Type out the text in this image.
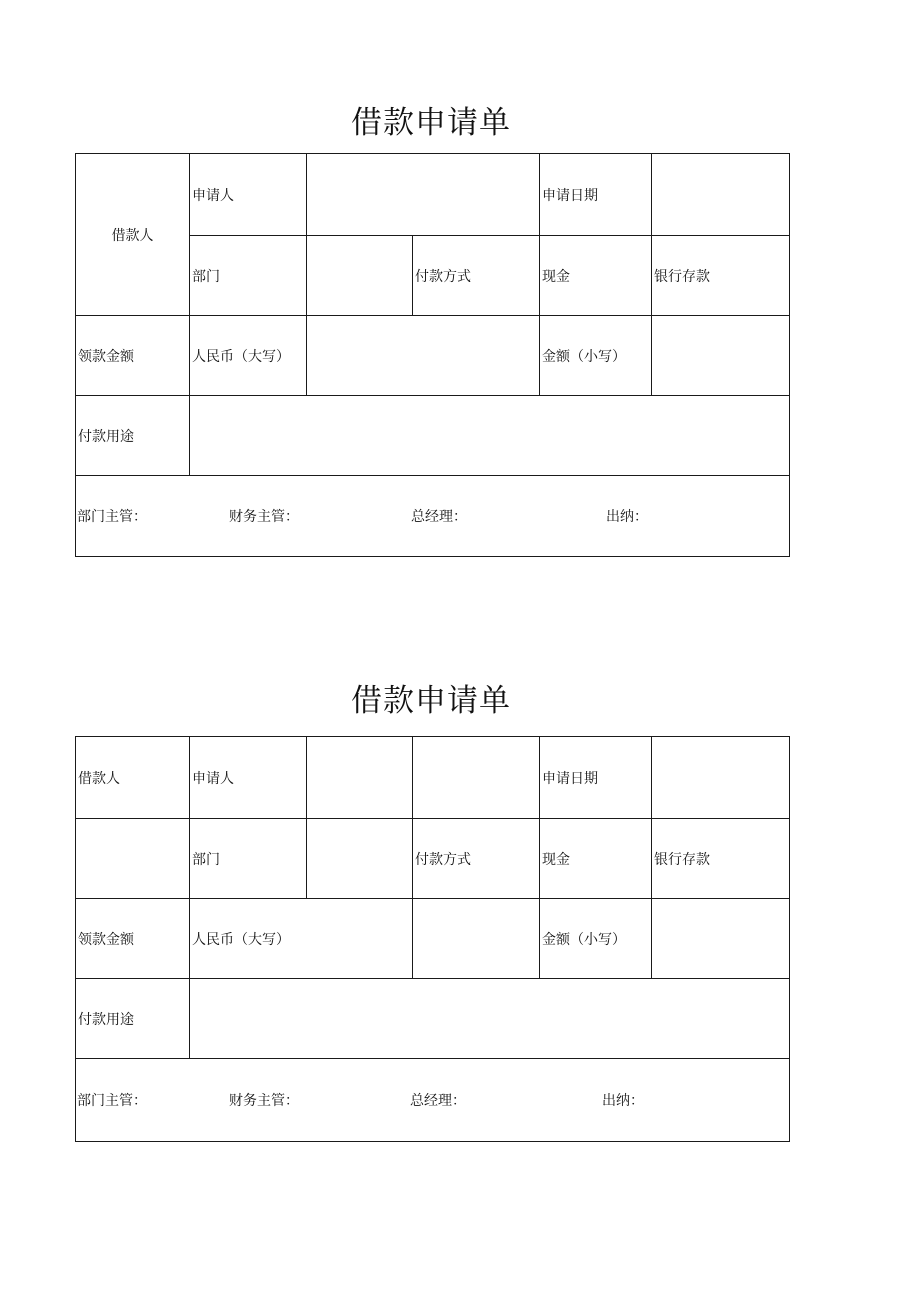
借款申请单
借款人	申请人			申请日期	
	部门		付款方式	现金	银行存款
领款金额	人民币（大写）			金额（小写）	
付款用途					

部门主管： 财务主管： 总经理： 出纳：					
借款申请单
借款人	申请人			申请日期	
	部门		付款方式	现金	银行存款
领款金额	人民币（大写）			金额（小写）	
付款用途					

部门主管： 财务主管： 总经理： 出纳：					
